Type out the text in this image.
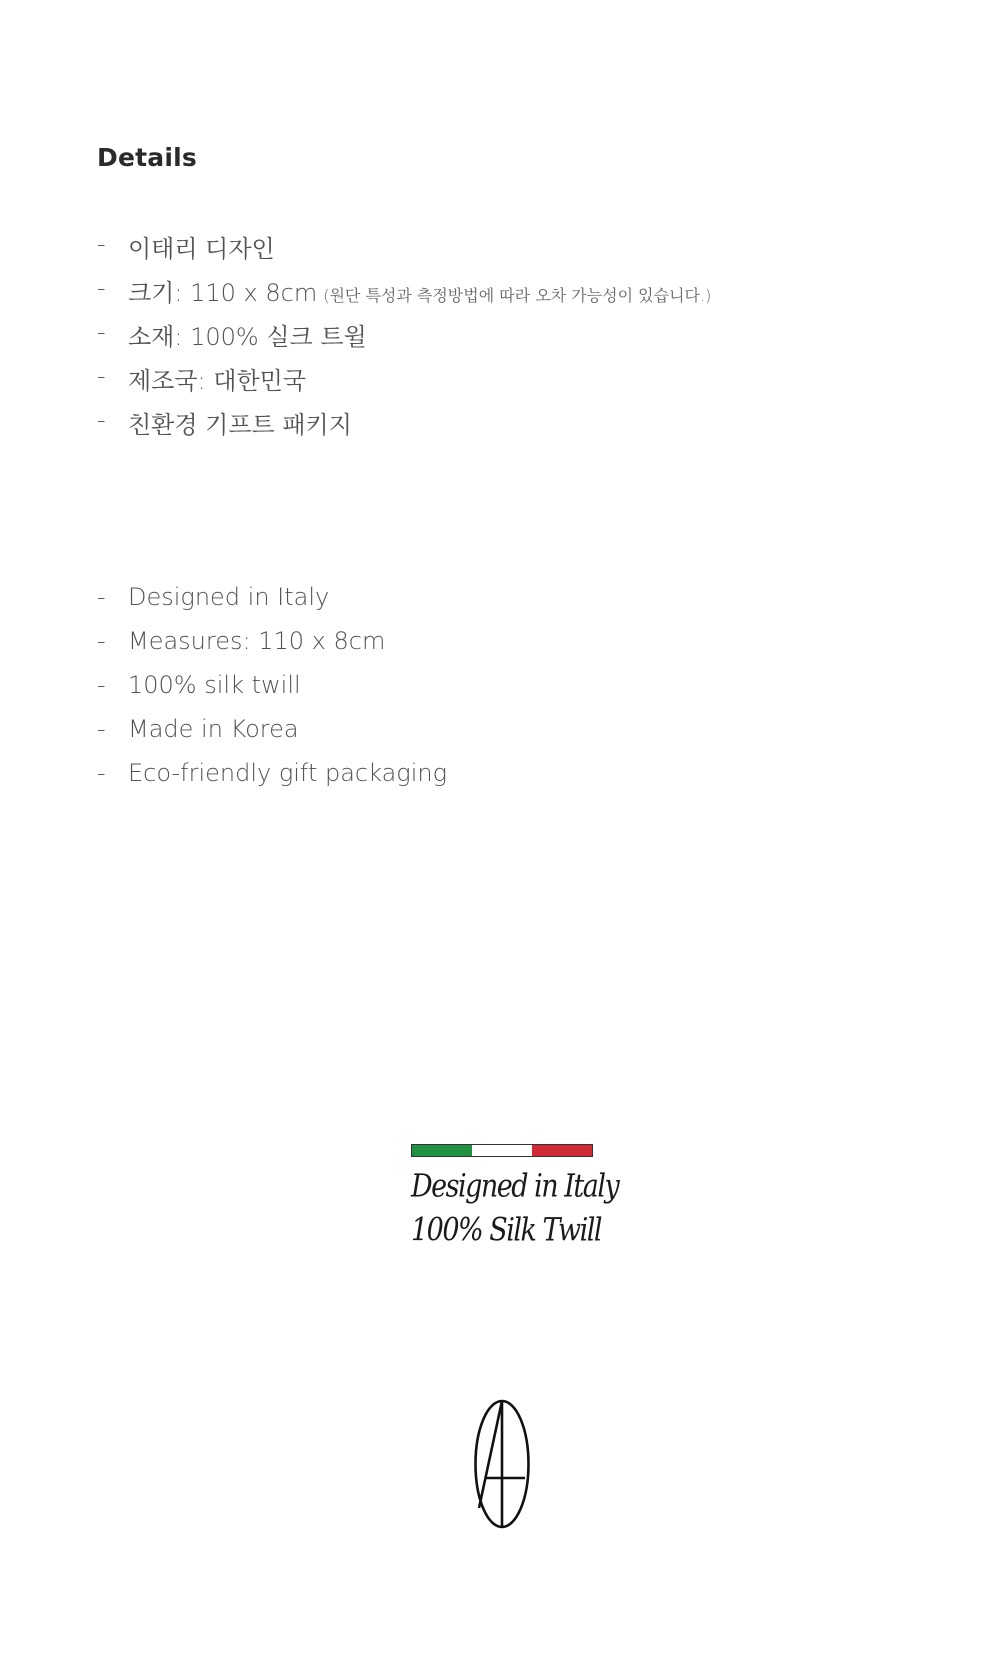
Details
- 이태리 디자인
- 크기: 110 x 8cm (원단 특성과 측정방법에 따라 오차 가능성이 있습니다.)
- 소재: 100% 실크 트윌
- 제조국: 대한민국
- 친환경 기프트 패키지
- Designed in Italy
- Measures: 110 x 8cm
- 100% silk twill
- Made in Korea
- Eco-friendly gift packaging
Designed in Italy
100% Silk Twill
